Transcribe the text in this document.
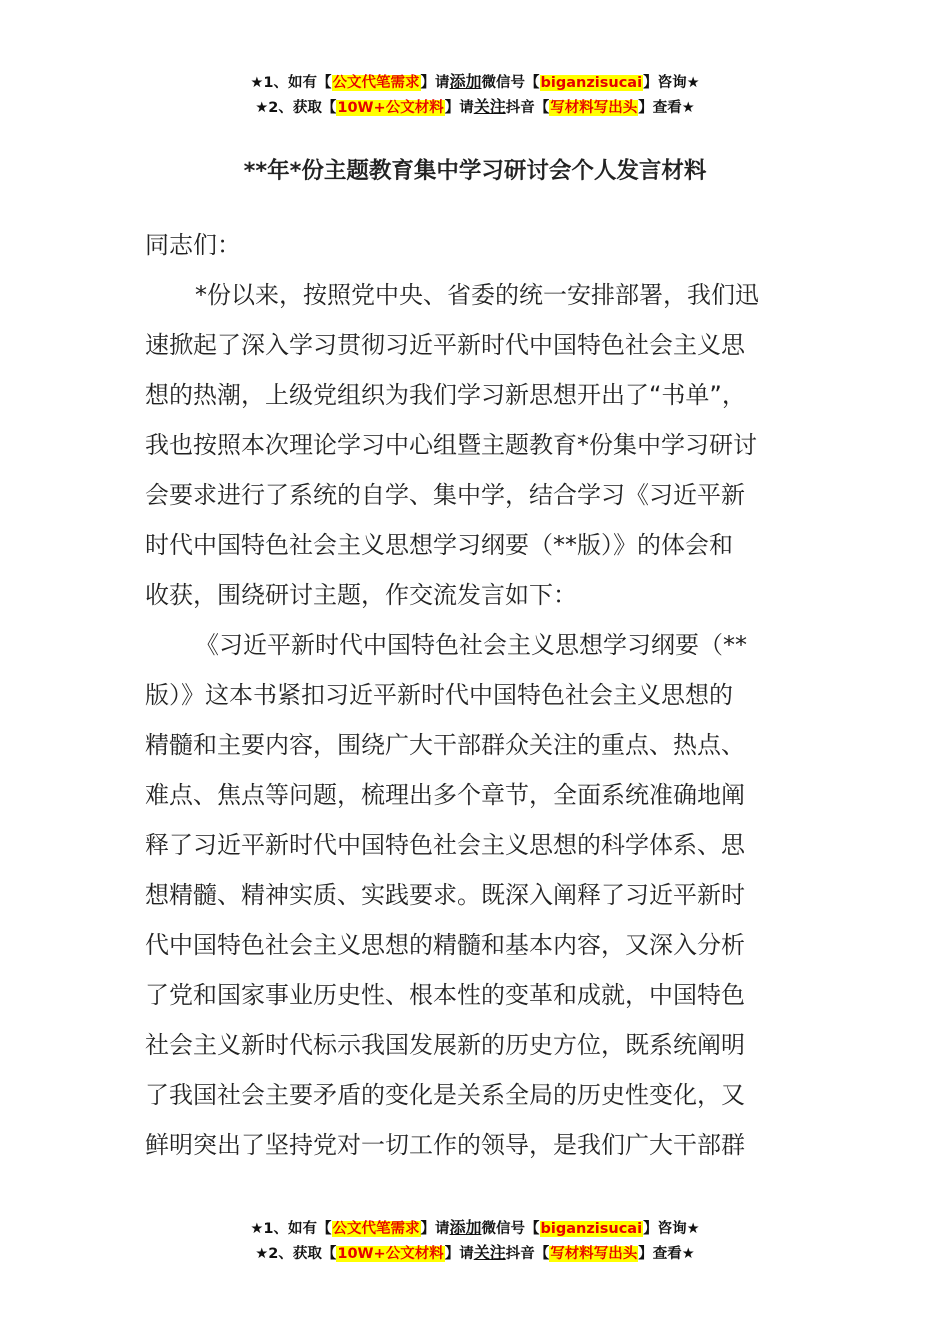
★1、如有【公文代笔需求】请添加微信号【biganzisucai】咨询★
★2、获取【10W+公文材料】请关注抖音【写材料写出头】查看★
**年*份主题教育集中学习研讨会个人发言材料

同志们：

*份以来，按照党中央、省委的统一安排部署，我们迅
速掀起了深入学习贯彻习近平新时代中国特色社会主义思
想的热潮，上级党组织为我们学习新思想开出了“书单”，
我也按照本次理论学习中心组暨主题教育*份集中学习研讨
会要求进行了系统的自学、集中学，结合学习《习近平新
时代中国特色社会主义思想学习纲要（**版）》的体会和
收获，围绕研讨主题，作交流发言如下：

《习近平新时代中国特色社会主义思想学习纲要（**
版）》这本书紧扣习近平新时代中国特色社会主义思想的
精髓和主要内容，围绕广大干部群众关注的重点、热点、
难点、焦点等问题，梳理出多个章节，全面系统准确地阐
释了习近平新时代中国特色社会主义思想的科学体系、思
想精髓、精神实质、实践要求。既深入阐释了习近平新时
代中国特色社会主义思想的精髓和基本内容，又深入分析
了党和国家事业历史性、根本性的变革和成就，中国特色
社会主义新时代标示我国发展新的历史方位，既系统阐明
了我国社会主要矛盾的变化是关系全局的历史性变化，又
鲜明突出了坚持党对一切工作的领导，是我们广大干部群

★1、如有【公文代笔需求】请添加微信号【biganzisucai】咨询★
★2、获取【10W+公文材料】请关注抖音【写材料写出头】查看★
